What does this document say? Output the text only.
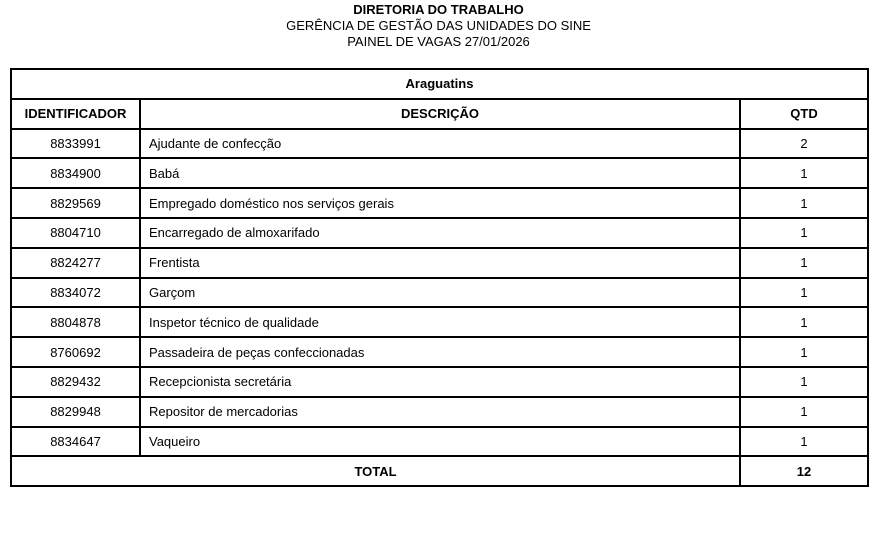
DIRETORIA DO TRABALHO
GERÊNCIA DE GESTÃO DAS UNIDADES DO SINE
PAINEL DE VAGAS 27/01/2026
Araguatins		
IDENTIFICADOR	DESCRIÇÃO	QTD
8833991	Ajudante de confecção	2
8834900	Babá	1
8829569	Empregado doméstico nos serviços gerais	1
8804710	Encarregado de almoxarifado	1
8824277	Frentista	1
8834072	Garçom	1
8804878	Inspetor técnico de qualidade	1
8760692	Passadeira de peças confeccionadas	1
8829432	Recepcionista secretária	1
8829948	Repositor de mercadorias	1
8834647	Vaqueiro	1
TOTAL		12
